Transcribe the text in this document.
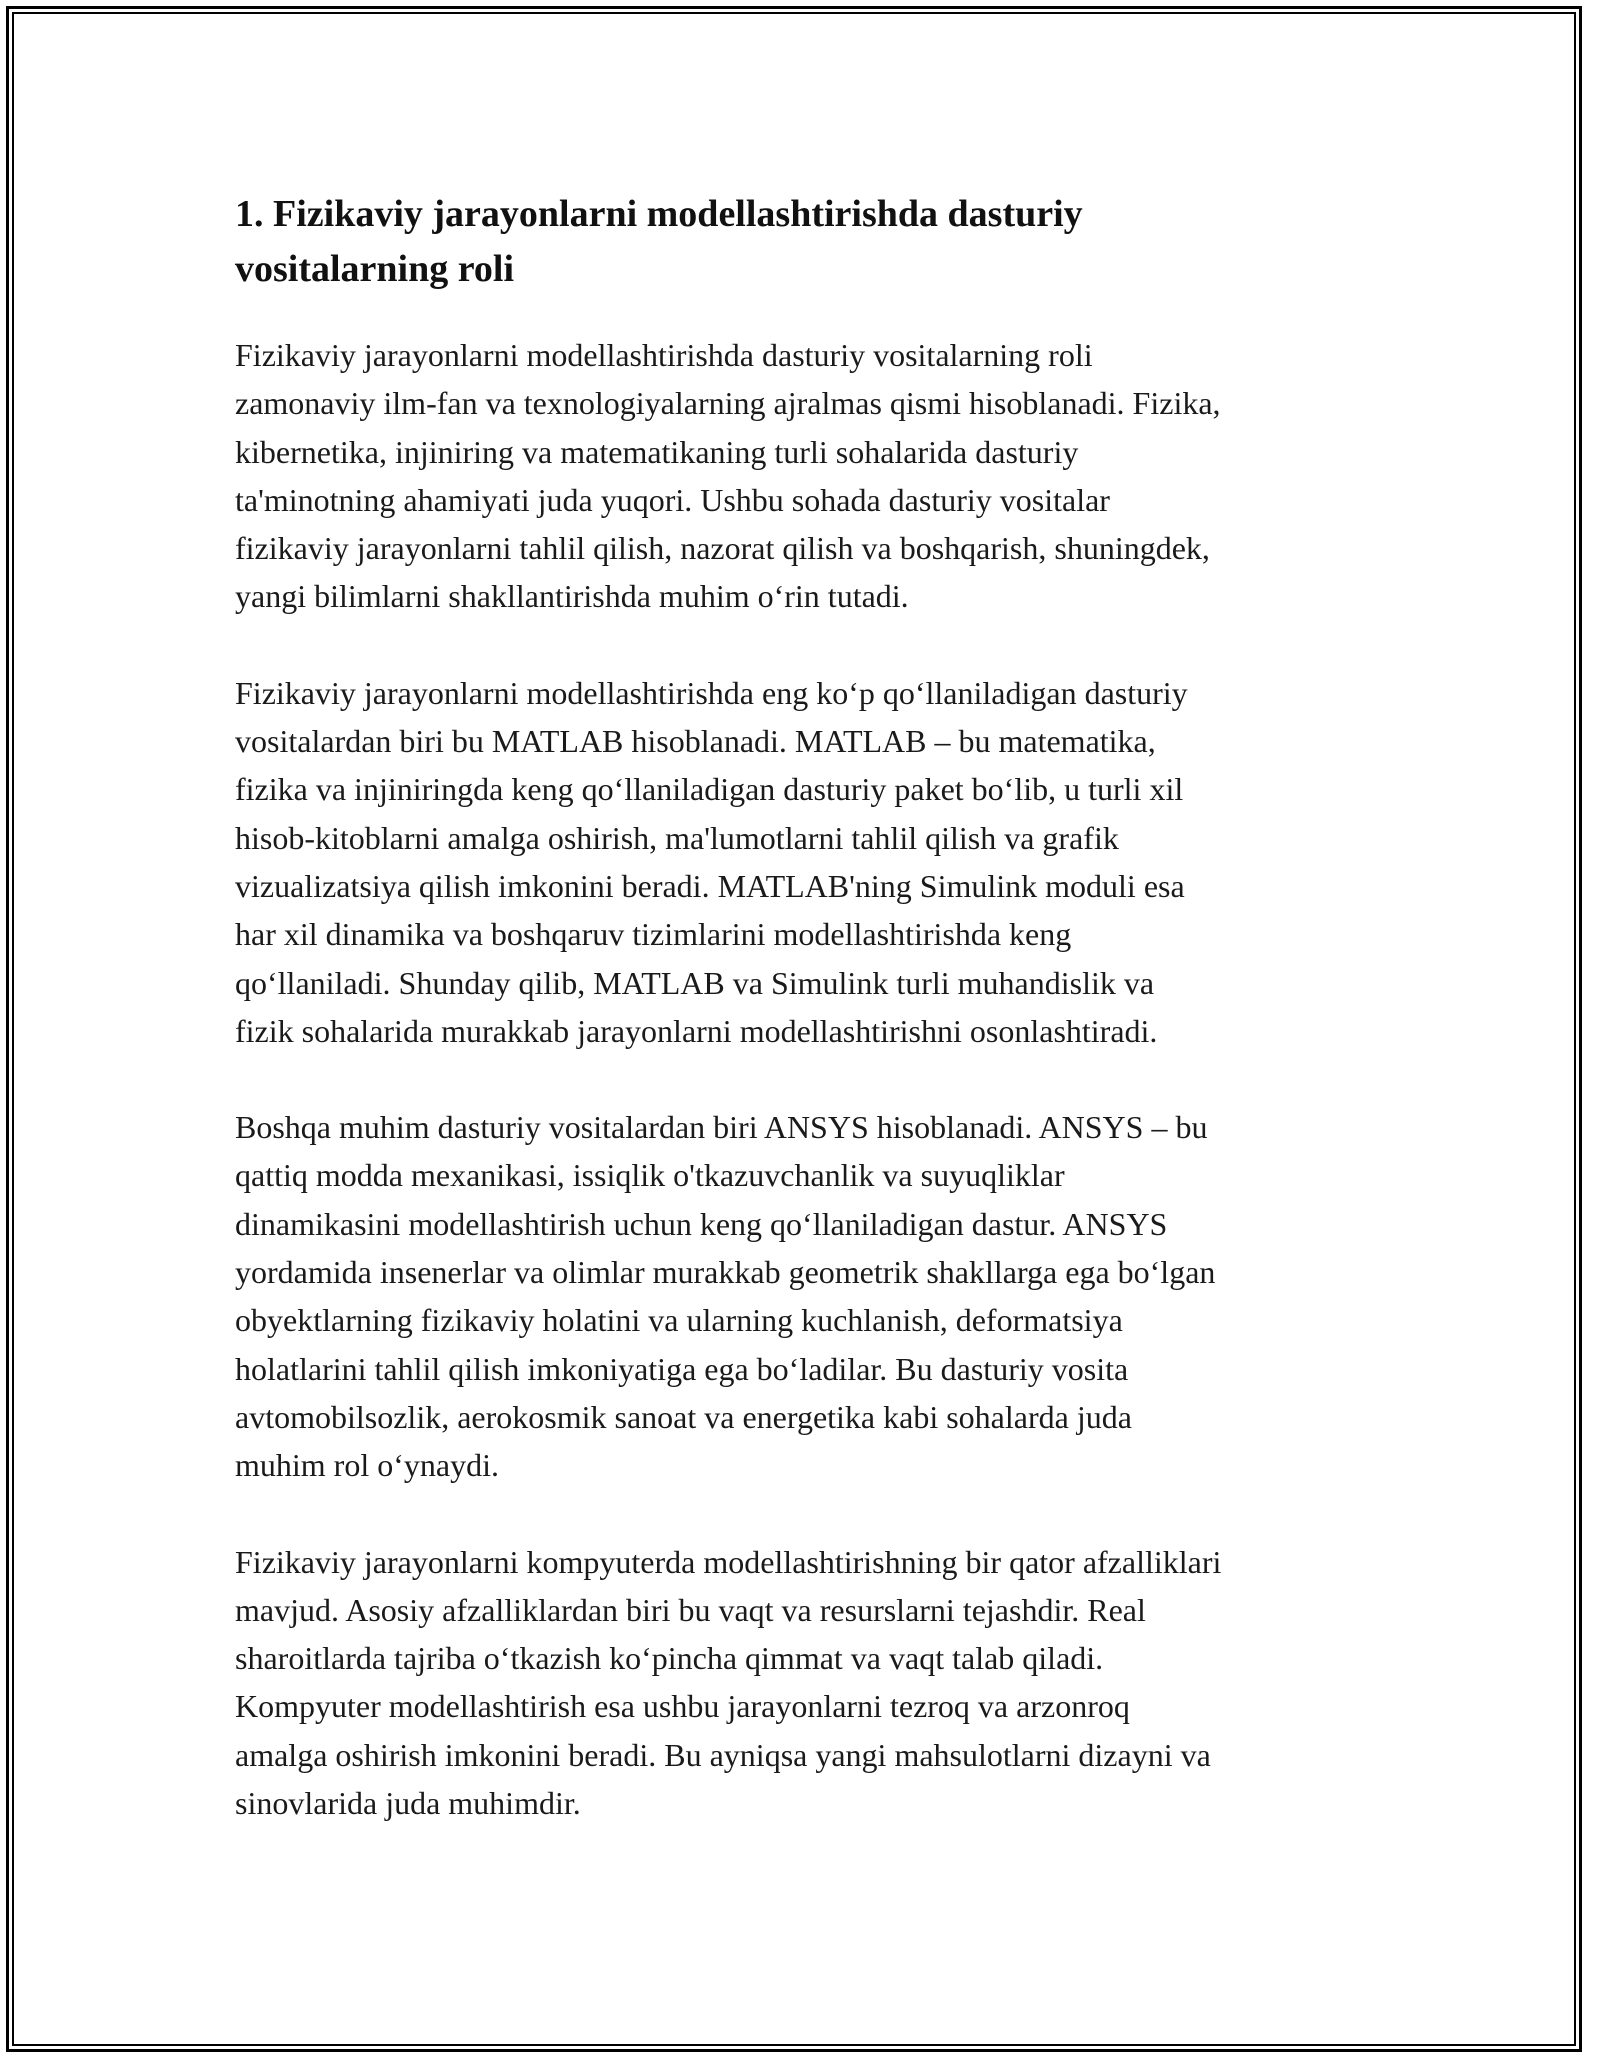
1. Fizikaviy jarayonlarni modellashtirishda dasturiy
vositalarning roli

Fizikaviy jarayonlarni modellashtirishda dasturiy vositalarning roli
zamonaviy ilm-fan va texnologiyalarning ajralmas qismi hisoblanadi. Fizika,
kibernetika, injiniring va matematikaning turli sohalarida dasturiy
ta'minotning ahamiyati juda yuqori. Ushbu sohada dasturiy vositalar
fizikaviy jarayonlarni tahlil qilish, nazorat qilish va boshqarish, shuningdek,
yangi bilimlarni shakllantirishda muhim o‘rin tutadi.

Fizikaviy jarayonlarni modellashtirishda eng ko‘p qo‘llaniladigan dasturiy
vositalardan biri bu MATLAB hisoblanadi. MATLAB – bu matematika,
fizika va injiniringda keng qo‘llaniladigan dasturiy paket bo‘lib, u turli xil
hisob-kitoblarni amalga oshirish, ma'lumotlarni tahlil qilish va grafik
vizualizatsiya qilish imkonini beradi. MATLAB'ning Simulink moduli esa
har xil dinamika va boshqaruv tizimlarini modellashtirishda keng
qo‘llaniladi. Shunday qilib, MATLAB va Simulink turli muhandislik va
fizik sohalarida murakkab jarayonlarni modellashtirishni osonlashtiradi.

Boshqa muhim dasturiy vositalardan biri ANSYS hisoblanadi. ANSYS – bu
qattiq modda mexanikasi, issiqlik o'tkazuvchanlik va suyuqliklar
dinamikasini modellashtirish uchun keng qo‘llaniladigan dastur. ANSYS
yordamida insenerlar va olimlar murakkab geometrik shakllarga ega bo‘lgan
obyektlarning fizikaviy holatini va ularning kuchlanish, deformatsiya
holatlarini tahlil qilish imkoniyatiga ega bo‘ladilar. Bu dasturiy vosita
avtomobilsozlik, aerokosmik sanoat va energetika kabi sohalarda juda
muhim rol o‘ynaydi.

Fizikaviy jarayonlarni kompyuterda modellashtirishning bir qator afzalliklari
mavjud. Asosiy afzalliklardan biri bu vaqt va resurslarni tejashdir. Real
sharoitlarda tajriba o‘tkazish ko‘pincha qimmat va vaqt talab qiladi.
Kompyuter modellashtirish esa ushbu jarayonlarni tezroq va arzonroq
amalga oshirish imkonini beradi. Bu ayniqsa yangi mahsulotlarni dizayni va
sinovlarida juda muhimdir.
